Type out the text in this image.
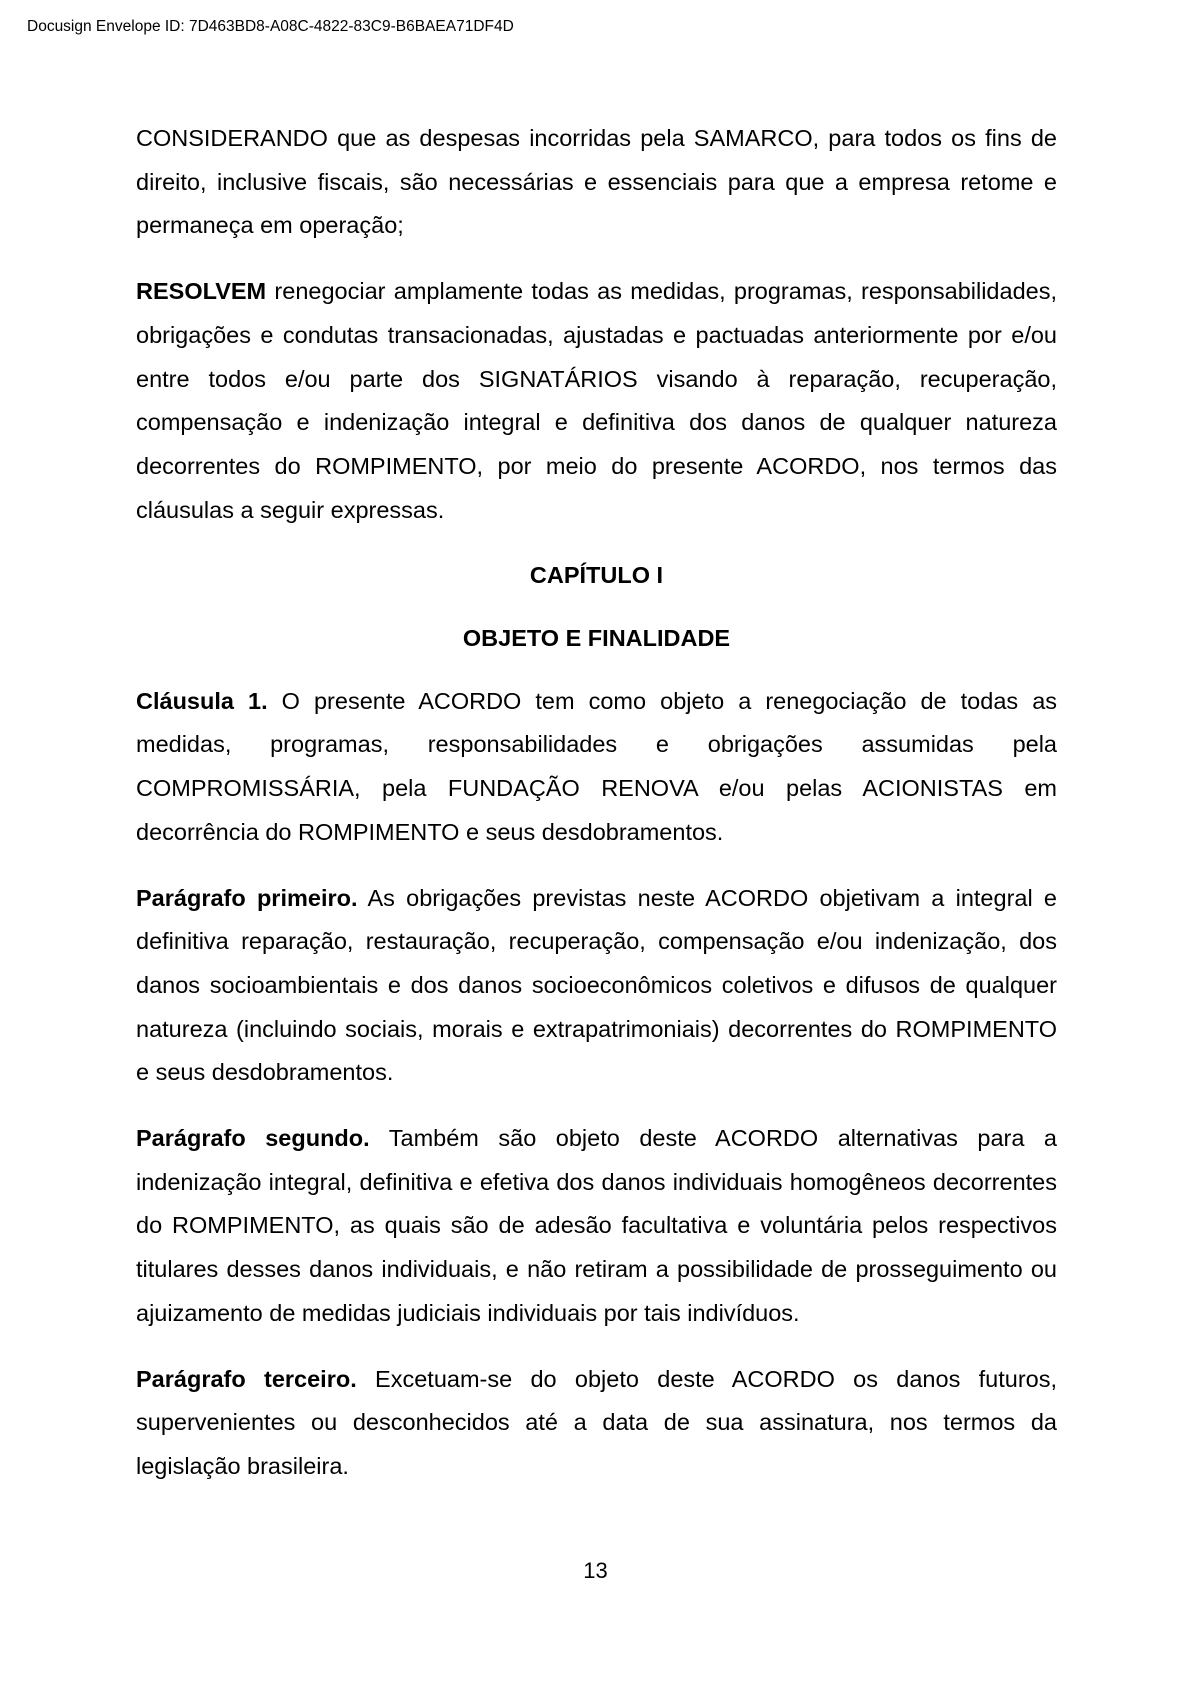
Docusign Envelope ID: 7D463BD8-A08C-4822-83C9-B6BAEA71DF4D

CONSIDERANDO que as despesas incorridas pela SAMARCO, para todos os fins de direito, inclusive fiscais, são necessárias e essenciais para que a empresa retome e permaneça em operação;

RESOLVEM renegociar amplamente todas as medidas, programas, responsabilidades, obrigações e condutas transacionadas, ajustadas e pactuadas anteriormente por e/ou entre todos e/ou parte dos SIGNATÁRIOS visando à reparação, recuperação, compensação e indenização integral e definitiva dos danos de qualquer natureza decorrentes do ROMPIMENTO, por meio do presente ACORDO, nos termos das cláusulas a seguir expressas.

CAPÍTULO I

OBJETO E FINALIDADE

Cláusula 1. O presente ACORDO tem como objeto a renegociação de todas as medidas, programas, responsabilidades e obrigações assumidas pela COMPROMISSÁRIA, pela FUNDAÇÃO RENOVA e/ou pelas ACIONISTAS em decorrência do ROMPIMENTO e seus desdobramentos.

Parágrafo primeiro. As obrigações previstas neste ACORDO objetivam a integral e definitiva reparação, restauração, recuperação, compensação e/ou indenização, dos danos socioambientais e dos danos socioeconômicos coletivos e difusos de qualquer natureza (incluindo sociais, morais e extrapatrimoniais) decorrentes do ROMPIMENTO e seus desdobramentos.

Parágrafo segundo. Também são objeto deste ACORDO alternativas para a indenização integral, definitiva e efetiva dos danos individuais homogêneos decorrentes do ROMPIMENTO, as quais são de adesão facultativa e voluntária pelos respectivos titulares desses danos individuais, e não retiram a possibilidade de prosseguimento ou ajuizamento de medidas judiciais individuais por tais indivíduos.

Parágrafo terceiro. Excetuam-se do objeto deste ACORDO os danos futuros, supervenientes ou desconhecidos até a data de sua assinatura, nos termos da legislação brasileira.

13
